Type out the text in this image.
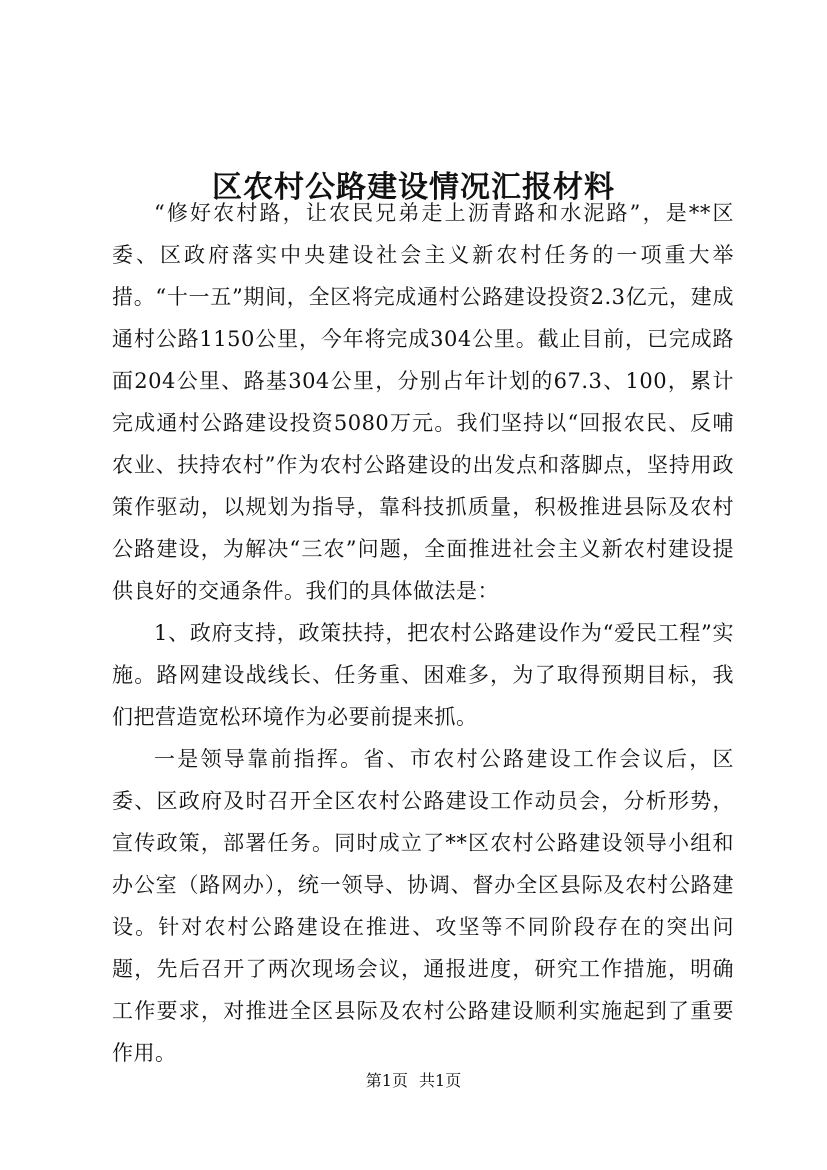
区农村公路建设情况汇报材料

“修好农村路，让农民兄弟走上沥青路和水泥路”，是**区委、区政府落实中央建设社会主义新农村任务的一项重大举措。“十一五”期间，全区将完成通村公路建设投资2.3亿元，建成通村公路1150公里，今年将完成304公里。截止目前，已完成路面204公里、路基304公里，分别占年计划的67.3、100，累计完成通村公路建设投资5080万元。我们坚持以“回报农民、反哺农业、扶持农村”作为农村公路建设的出发点和落脚点，坚持用政策作驱动，以规划为指导，靠科技抓质量，积极推进县际及农村公路建设，为解决“三农”问题，全面推进社会主义新农村建设提供良好的交通条件。我们的具体做法是：

1、政府支持，政策扶持，把农村公路建设作为“爱民工程”实施。路网建设战线长、任务重、困难多，为了取得预期目标，我们把营造宽松环境作为必要前提来抓。

一是领导靠前指挥。省、市农村公路建设工作会议后，区委、区政府及时召开全区农村公路建设工作动员会，分析形势，宣传政策，部署任务。同时成立了**区农村公路建设领导小组和办公室（路网办），统一领导、协调、督办全区县际及农村公路建设。针对农村公路建设在推进、攻坚等不同阶段存在的突出问题，先后召开了两次现场会议，通报进度，研究工作措施，明确工作要求，对推进全区县际及农村公路建设顺利实施起到了重要作用。

第1页 共1页
